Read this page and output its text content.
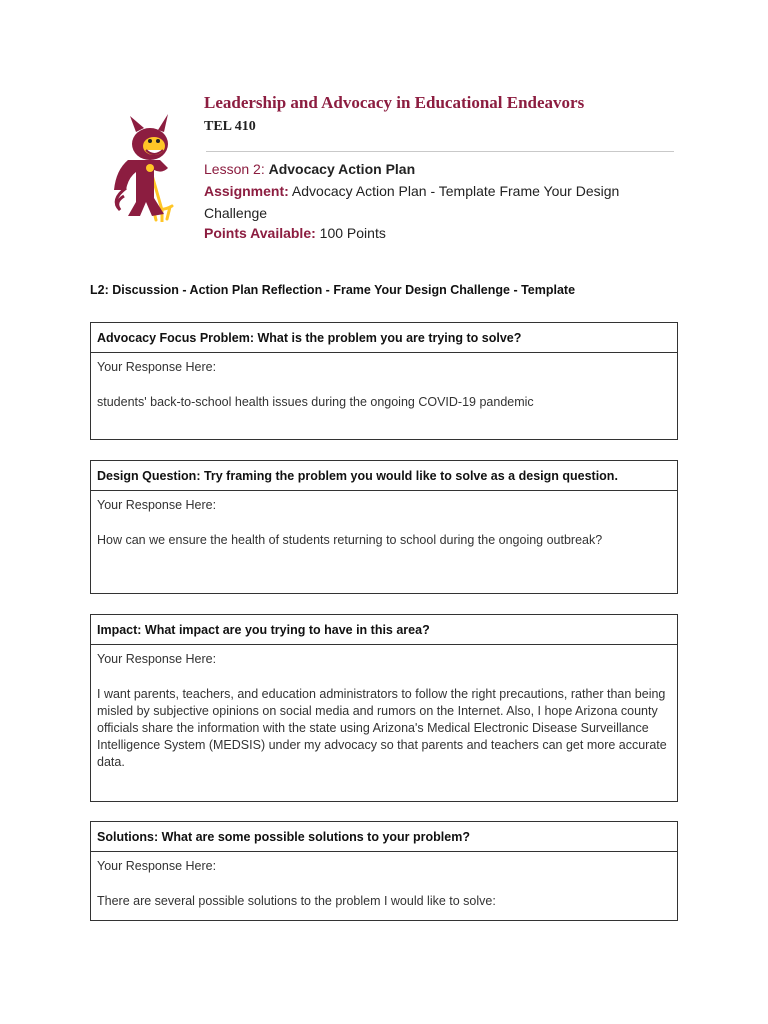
Leadership and Advocacy in Educational Endeavors
TEL 410
Lesson 2: Advocacy Action Plan
Assignment: Advocacy Action Plan - Template Frame Your Design Challenge
Points Available: 100 Points
L2: Discussion - Action Plan Reflection - Frame Your Design Challenge - Template
Advocacy Focus Problem: What is the problem you are trying to solve?

Your Response Here:

students' back-to-school health issues during the ongoing COVID-19 pandemic

Design Question: Try framing the problem you would like to solve as a design question.

Your Response Here:

How can we ensure the health of students returning to school during the ongoing outbreak?

Impact: What impact are you trying to have in this area?

Your Response Here:

I want parents, teachers, and education administrators to follow the right precautions, rather than being misled by subjective opinions on social media and rumors on the Internet. Also, I hope Arizona county officials share the information with the state using Arizona's Medical Electronic Disease Surveillance Intelligence System (MEDSIS) under my advocacy so that parents and teachers can get more accurate data.

Solutions: What are some possible solutions to your problem?

Your Response Here:

There are several possible solutions to the problem I would like to solve:
